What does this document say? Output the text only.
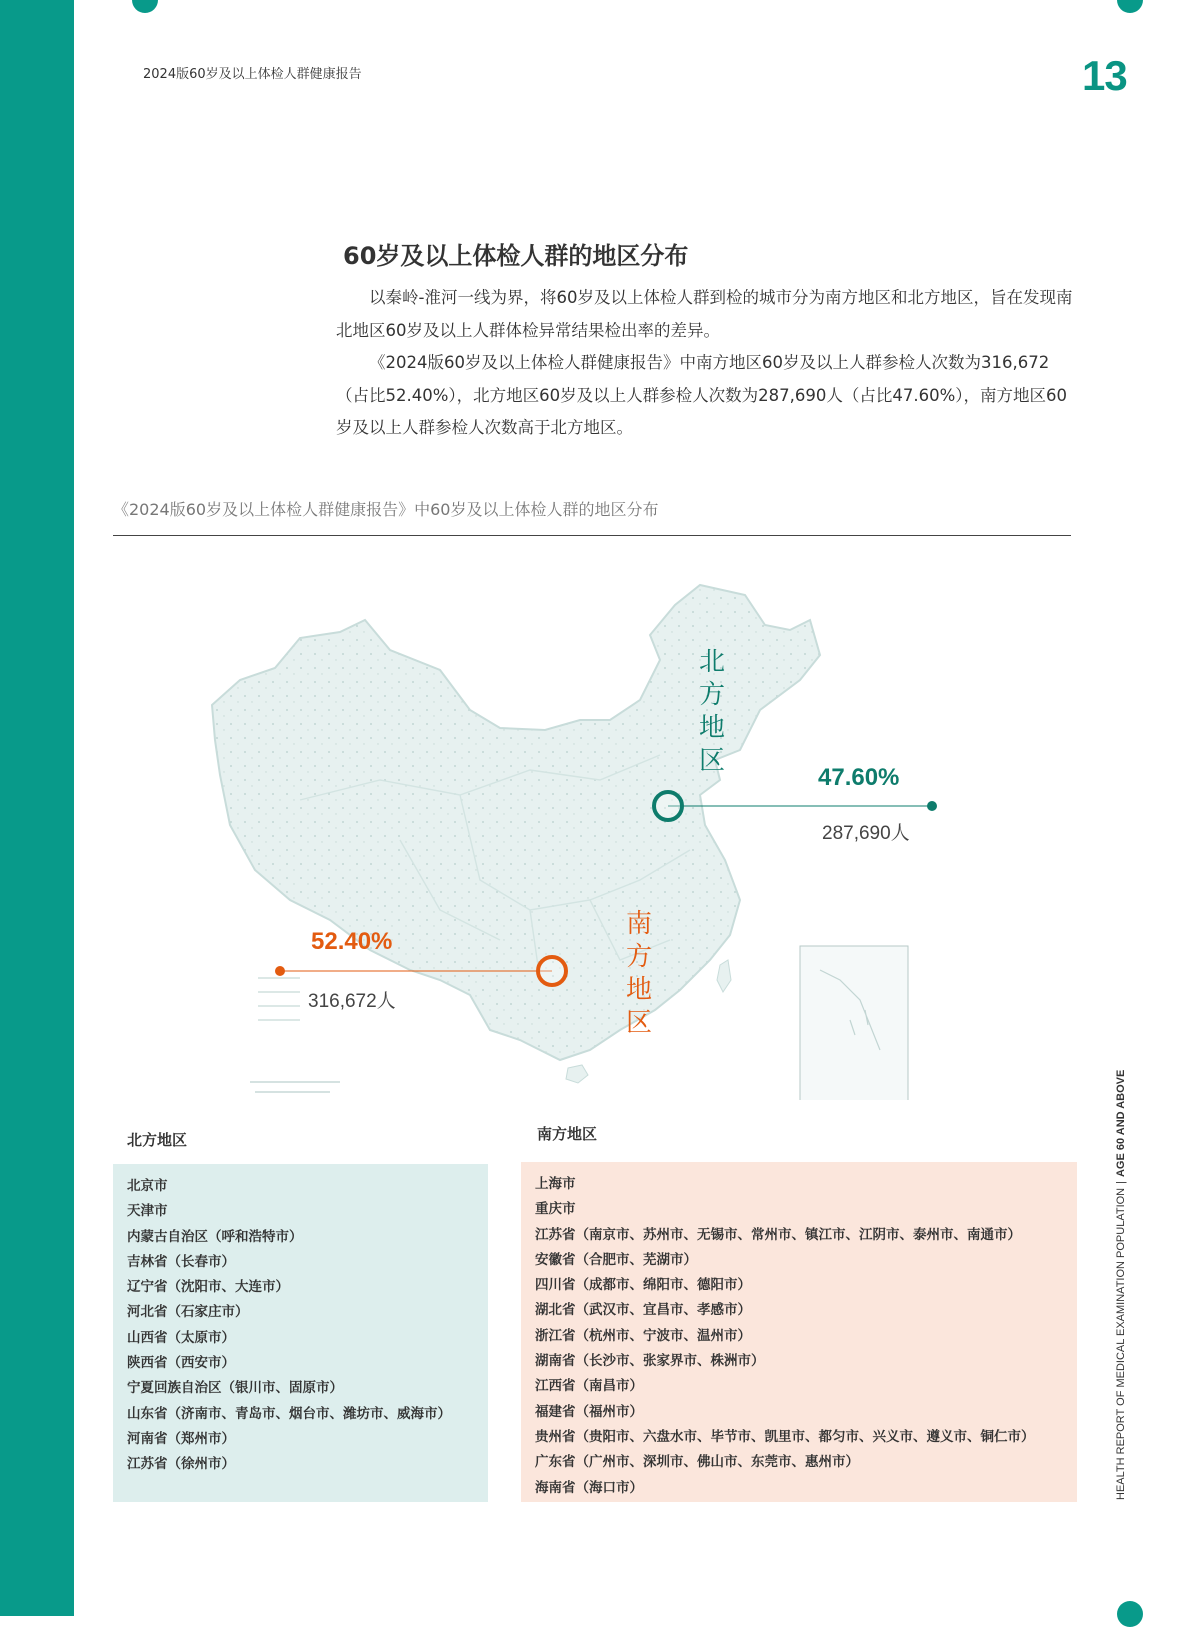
2024版60岁及以上体检人群健康报告	13
60岁及以上体检人群的地区分布

以秦岭-淮河一线为界，将60岁及以上体检人群到检的城市分为南方地区和北方地区，旨在发现南北地区60岁及以上人群体检异常结果检出率的差异。

《2024版60岁及以上体检人群健康报告》中南方地区60岁及以上人群参检人次数为316,672（占比52.40%），北方地区60岁及以上人群参检人次数为287,690人（占比47.60%），南方地区60岁及以上人群参检人次数高于北方地区。

《2024版60岁及以上体检人群健康报告》中60岁及以上体检人群的地区分布
北方地区
南方地区
47.60%
287,690人
52.40%
316,672人
北方地区	南方地区
北京市
天津市
内蒙古自治区（呼和浩特市）
吉林省（长春市）
辽宁省（沈阳市、大连市）
河北省（石家庄市）
山西省（太原市）
陕西省（西安市）
宁夏回族自治区（银川市、固原市）
山东省（济南市、青岛市、烟台市、潍坊市、威海市）
河南省（郑州市）
江苏省（徐州市）
上海市
重庆市
江苏省（南京市、苏州市、无锡市、常州市、镇江市、江阴市、泰州市、南通市）
安徽省（合肥市、芜湖市）
四川省（成都市、绵阳市、德阳市）
湖北省（武汉市、宜昌市、孝感市）
浙江省（杭州市、宁波市、温州市）
湖南省（长沙市、张家界市、株洲市）
江西省（南昌市）
福建省（福州市）
贵州省（贵阳市、六盘水市、毕节市、凯里市、都匀市、兴义市、遵义市、铜仁市）
广东省（广州市、深圳市、佛山市、东莞市、惠州市）
海南省（海口市）	HEALTH REPORT OF MEDICAL EXAMINATION POPULATION|AGE 60 AND ABOVE
